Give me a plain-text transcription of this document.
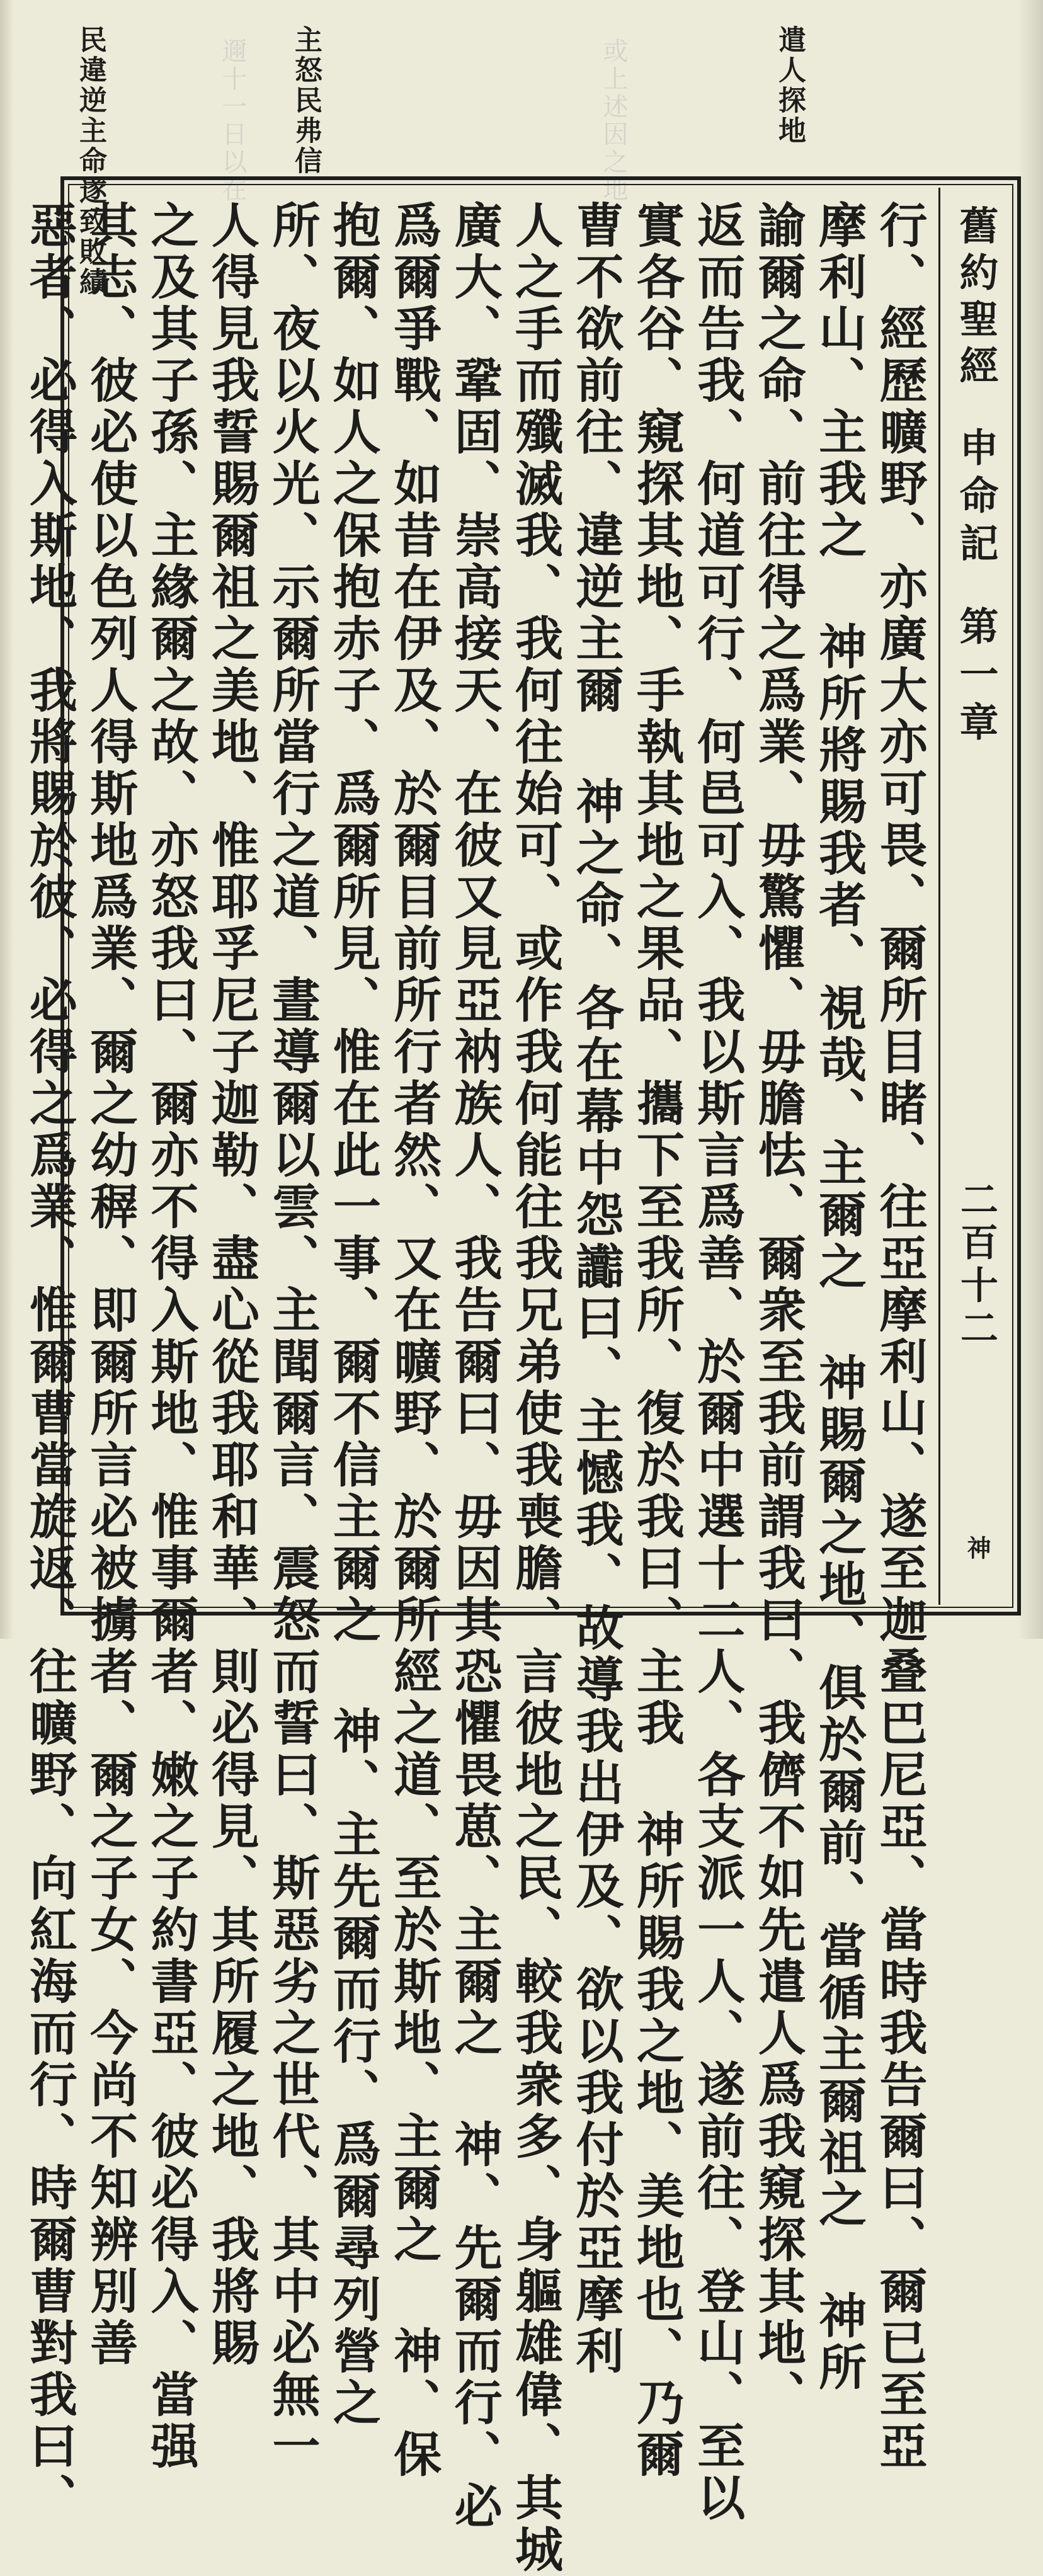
或上述因之地
邇十一日以在	遣人探地
主怒民弗信
民違逆主命遂致敗績
舊約聖經申命記第一章
二百十二
神
行、經歷曠野、亦廣大亦可畏、爾所目睹、往亞摩利山、遂至迦叠巴尼亞、當時我告爾曰、爾已至亞
摩利山、主我之 神所將賜我者、視哉、主爾之 神賜爾之地、俱於爾前、當循主爾祖之 神所
諭爾之命、前往得之爲業、毋驚懼、毋膽怯、爾衆至我前謂我曰、我儕不如先遣人爲我窺探其地、
返而告我、何道可行、何邑可入、我以斯言爲善、於爾中選十二人、各支派一人、遂前往、登山、至以
實各谷、窺探其地、手執其地之果品、攜下至我所、復於我曰、主我 神所賜我之地、美地也、乃爾
曹不欲前往、違逆主爾 神之命、各在幕中怨讟曰、主憾我、故導我出伊及、欲以我付於亞摩利
人之手而殲滅我、我何往始可、或作我何能往我兄弟使我喪膽、言彼地之民、較我衆多、身軀雄偉、其城
廣大、鞏固、崇高接天、在彼又見亞衲族人、我告爾曰、毋因其恐懼畏葸、主爾之 神、先爾而行、必
爲爾爭戰、如昔在伊及、於爾目前所行者然、又在曠野、於爾所經之道、至於斯地、主爾之 神、保
抱爾、如人之保抱赤子、爲爾所見、惟在此一事、爾不信主爾之 神、主先爾而行、爲爾尋列營之
所、夜以火光、示爾所當行之道、晝導爾以雲、主聞爾言、震怒而誓曰、斯惡劣之世代、其中必無一
人得見我誓賜爾祖之美地、惟耶孚尼子迦勒、盡心從我耶和華、則必得見、其所履之地、我將賜
之及其子孫、主緣爾之故、亦怒我曰、爾亦不得入斯地、惟事爾者、嫩之子約書亞、彼必得入、當强
其志、彼必使以色列人得斯地爲業、爾之幼稺、即爾所言必被擄者、爾之子女、今尚不知辨別善
惡者、必得入斯地、我將賜於彼、必得之爲業、惟爾曹當旋返、往曠野、向紅海而行、時爾曹對我曰、
